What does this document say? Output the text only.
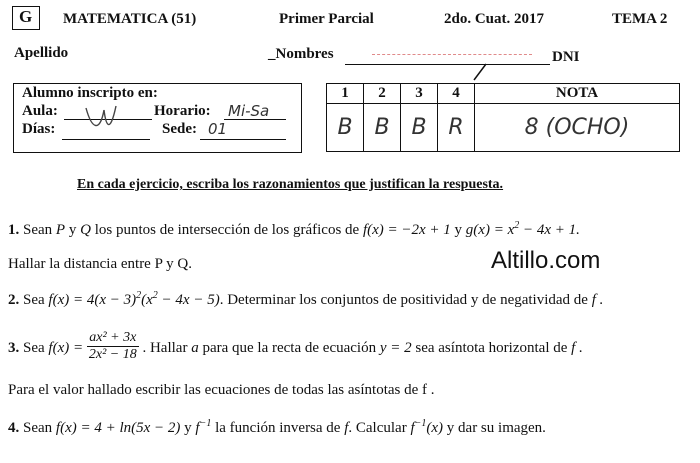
G MATEMATICA (51)	Primer Parcial	2do. Cuat. 2017	TEMA 2
Apellido	_Nombres	DNI
Alumno inscripto en:
Aula:	Horario: Mi-Sa
Días:	Sede: 01
1	2	3	4	NOTA
B	B	B	R	8 (OCHO)
En cada ejercicio, escriba los razonamientos que justifican la respuesta.
1. Sean P y Q los puntos de intersección de los gráficos de f(x) = −2x + 1 y $g(x) = x^2 - 4x + 1$.
Hallar la distancia entre P y Q.	Altillo.com
2. Sea $f(x) = 4(x - 3)^2(x^2 - 4x - 5)$. Determinar los conjuntos de positividad y de negatividad de f .
3. Sea $f(x) = \frac{\text{ax² + 3x}}{\text{2x² − 18}}$ . Hallar a para que la recta de ecuación y = 2 sea asíntota horizontal de f .
Para el valor hallado escribir las ecuaciones de todas las asíntotas de f .
4. Sean f(x) = 4 + ln(5x − 2) y $f^{-1}$ la función inversa de f. Calcular $f^{-1}(x)$ y dar su imagen.
